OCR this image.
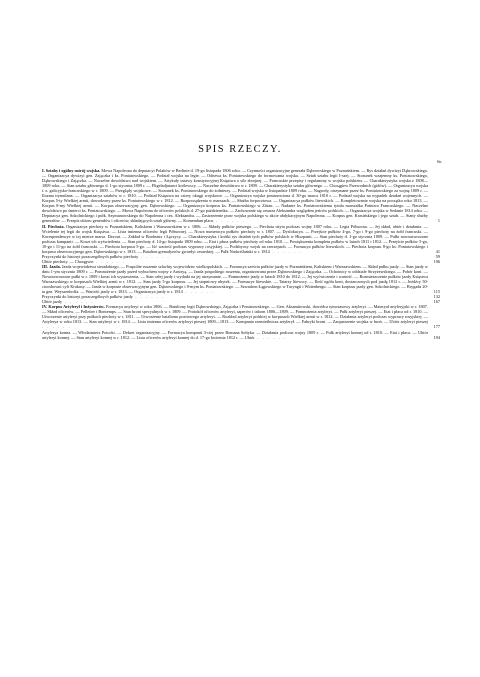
SPIS RZECZY.
Str.
I. Sztaby i ogólny ustrój wojska. Mowa Napoleona do deputacyi Polaków w Berlinie d. 19-go listopada 1806 roku. — Czynności organizacyjne generała Dąbrowskiego w Poznańskiem. — Rys działań dywizyi Dąbrowskiego. — Organizacya dywizyi gen. Zajączka i ks. Poniatowskiego. — Podział wojska na legie. — Odezwa ks. Poniatowskiego do formowania wojska. — Sztab sztabu legii I-szej. — Stosunek wzajemny ks. Poniatowskiego, Dąbrowskiego i Zajączka. — Naczelne dowództwo nad wojskiem. — Artykuły ustawy konstytucyjnej Księstwa o sile zbrojnej. — Francuskie przepisy i regulaminy w wojsku polskiem. — Charakterystyka wojska z 1808—1809 roku. — Stan sztabu głównego d. 1-go stycznia 1809 r. — Fligeladjutanci królewscy. — Naczelne dowództwo w r. 1809. — Charakterystyka sztabu głównego. — Chorągiew Przewodnich (gidów). — Organizacya wojska t. z. galicyjsko-francuskiego w r. 1809. — Przeglądy wojskowe. — Stosunek ks. Poniatowskiego do żołnierzy. — Podział wojska w listopadzie 1809 roku. — Nagrody, otrzymane przez ks. Poniatowskiego za wojnę 1809 r. — Ilozma trynutlana. — Organizacya sztabów w r. 1810. — Podział Księstwa na cztery okręgi wojskowe. — Organizacya wojska postanowiona d. 30-go marca 1810 r. — Podział wojska na wypadek działań wojennych. — Korpus 5-ty Wielkiej armii, dowodzony przez ks. Poniatowskiego w r. 1812. — Rozporządzenia w marszach. — Służba forpocztowa. — Organizacya pułków litewskich. — Kompletowanie wojska na początku roku 1813. — Korpus 8-my Wielkiej armii. — Korpus obserwacyjny gen. Dąbrowskiego. — Organizacya korpusu ks. Poniatowskiego w Zittau. — Nadanie ks. Poniatowskiemu tytułu marszałka Państwa Francuskiego. — Naczelne dowództwo po śmierci ks. Poniatowskiego. — Mowa Napoleona do oficerów polskich d. 27-go października. — Zachowanie się cesarza Aleksandra względem jeńców polskich. — Organizacya wojska w Sedanie 1814 roku. — Deputacya gen. Sokolnickiego i pułk. Szymanowskiego do Napoleona i ces. Aleksandra. — Zastrzeżenie praw wojska polskiego w akcie abdykacyjnym Napoleona. — Korpus gen. Krasińskiego i jego sztab. — Stany służby generałów. — Przepis ubioru generałów i oficerów, składających sztab główny. — Komendant placu . . . . . .	1
II. Piechota. Organizacya piechoty w Poznańskiem, Kaliskiem i Warszawskiem w r. 1806. — Składy pułków pieszego. — Piechota użyta podczas wojny 1807 roku. — Legia Północna. — Jej skład, ubiór i działania. — Wcielenie tej legii do wojsk Księstwa. — Lista imienna oficerów legii Północnej. — Nowa numeracya pułków piechoty w r. 1807. — Dyslokacya. — Przejście pułków 4-go, 7-go i 9-go piechoty na żołd francuski. — Korespondencye w tej mierze marsz. Davout. — Zakład w Bordeaux i Łęczycy. — Charakterystyka i krótki rys działań tych pułków polskich w Hiszpanii. — Stan piechoty d. 1-go stycznia 1809. — Pułki nowoutworzone podczas kampanii. — Koszt ich wyświetlenia. — Stan piechoty d. 14-go listopada 1809 roku. — Etat i płaca pułków piechoty od roku 1810. — Powiększenia kompletu pułków w latach 1811 i 1812. — Przejście pułków 5-go, 10-go i 11-go na żołd francuski. — Piechota korpusu 5-go. — Iść wartość podczas wyprawy rosyjskiej. — Podzbyosy wojsk na rzerzepach. — Formacya pułków litewskich. — Piechota korpusu 8-go ks. Poniatowskiego i korpusu obserwacyjnego gen. Dąbrowskiego w r. 1813. — Batalion grenadyerów gwardyi cesarskiej. — Pułk Nadwiślański w r. 1814 . . . . . .	41
Przyczynki do historyi poszczególnych pułków piechoty . . . . . .	59
Ubiór piechoty. — Chorągwie . . . . . .	106
III. Jazda. Jazda województwa sieradzkiego. — Pospolite ruszenie szlachty województw wielkopolskich. — Formacya sześciu pułków jazdy w Poznańskiem, Kaliskiem i Warszawskiem. — Skład pułku jazdy. — Stan jazdy w dniu 1-ym stycznia 1809 r. — Pomnożenie jazdy przed wybuchem wojny z Austryą. — Jazda pospolitego ruszenia, organizowana przez Dąbrowskiego i Zajączka. — Ochotnicy w oddziale Strzyżewskiego. — Pobór koni. — Nowoutworzone pułki w r. 1809 i koszt ich wystawienia. — Stan całej jazdy i wydatki na jej utrzymanie. — Pomnożenie jazdy w latach 1810 do 1812. — Jej wyćwiczenie i wartość. — Rozmieszczenie pułków jazdy Księstwa Warszawskiego w korpusach Wielkiej armii w r. 1812. — Stan jazdy 5-go korpusu. — Jej stopniowy ubytek. — Formacye litewskie. — Tatarzy litewscy. — Ilość ogółu koni, dostarczonych pod jazdę 1812 r. — Jeźdźcy 50-cioosbowni cyfi Krakusy. — Jazda w korpusie obserwacyjnym gen. Dąbrowskiego i 8-mym ks. Poniatowskiego. — Szwadron Łągowskiego w Turyngii i Wittenbergu. — Stan korpusu jazdy gen. Sokolnickiego. — Brygada 20-ta gen. Weyssenhoffa. — Wartość jazdy w r. 1813. — Organizacya jazdy w r. 1814 . . . . . .	115
Przyczynki do historyi poszczególnych pułków jazdy . . . . . .	132
Ubiór jazdy . . . . . .	167
IV. Korpus Artylerył i Inżynierów. Formacya artyleryi w roku 1806. — Batuliony legii Dąbrowskiego, Zajączka i Poniatowskiego. — Gen. Aksamitowski, dowódca tymczasowy artyleryi. — Materyał artyleryjski w r. 1807. — Skład oficerów. — Pelletier i Bontemps. — Stan broni specyalnych w r. 1809. — Protokół oficerów artyleryi, saperów i taborn 1806—1809. — Pomnożenia artyleryi. — Pułk artyleryi pieszej. — Etat i płaca od r. 1810. — Utworzenie artyleryi przy pułkach piechoty w r. 1811. — Utworzenie batalionu pozitowego artyleryi. — Rozkład artyleryi polskiej w korpusach Wielkiej armii w r. 1812. — Działania artyleryi podczas wyprawy rosyjskiej. — Artylerya w roku 1813. — Stan artyleryi w r. 1814. — Lista imienna oficerów artyleryi pieszej 1809—1813. — Kompania rzemieślnicza artylerył. — Fabryki broni. — Zaopatrzenie wojska w broń. — Ubiór artyleryi pieszej . . . . . .	177
Artylerya konna. — Włodzimierz Potocki. — Dekret organizacyjny. — Formacya kompanii 3-ciej przez Romana Sołtyka. — Działania podczas wojny 1809 r. — Pułk artyleryi konnej od r. 1810. — Etat i płaca. — Ubiór artyleryi konnej. — Stan artyleryi konnej w r. 1812. — Lista oficerów artyleryi konnej do d. 17-go kwietnia 1812 r. — Ubiór . . . . . .	194
